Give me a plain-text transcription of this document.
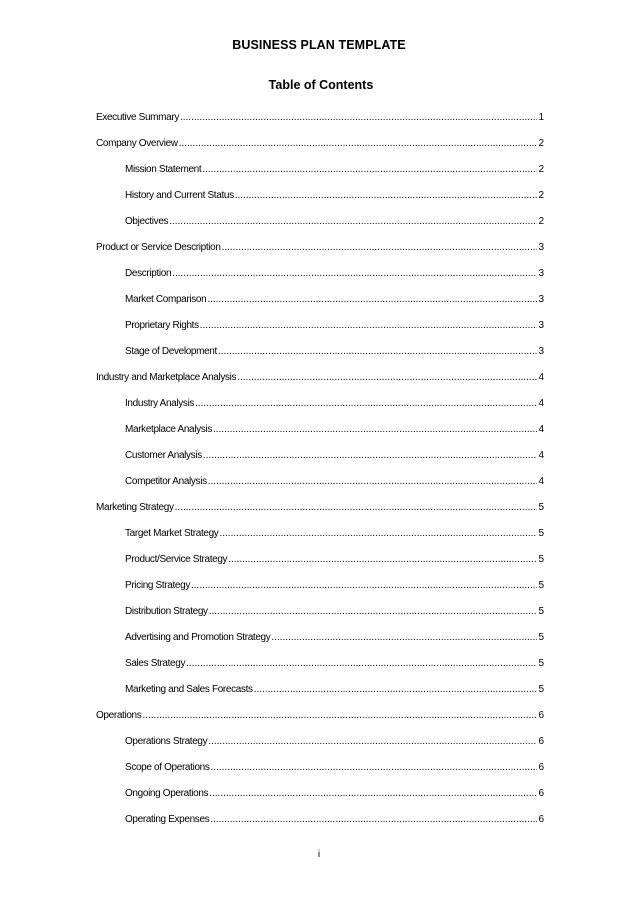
BUSINESS PLAN TEMPLATE
Table of Contents
Executive Summary .....	1
Company Overview .....	2
Mission Statement .....	2
History and Current Status .....	2
Objectives .....	2
Product or Service Description .....	3
Description .....	3
Market Comparison .....	3
Proprietary Rights .....	3
Stage of Development .....	3
Industry and Marketplace Analysis .....	4
Industry Analysis .....	4
Marketplace Analysis .....	4
Customer Analysis .....	4
Competitor Analysis .....	4
Marketing Strategy .....	5
Target Market Strategy .....	5
Product/Service Strategy .....	5
Pricing Strategy .....	5
Distribution Strategy .....	5
Advertising and Promotion Strategy .....	5
Sales Strategy .....	5
Marketing and Sales Forecasts .....	5
Operations .....	6
Operations Strategy .....	6
Scope of Operations .....	6
Ongoing Operations .....	6
Operating Expenses .....	6
i
